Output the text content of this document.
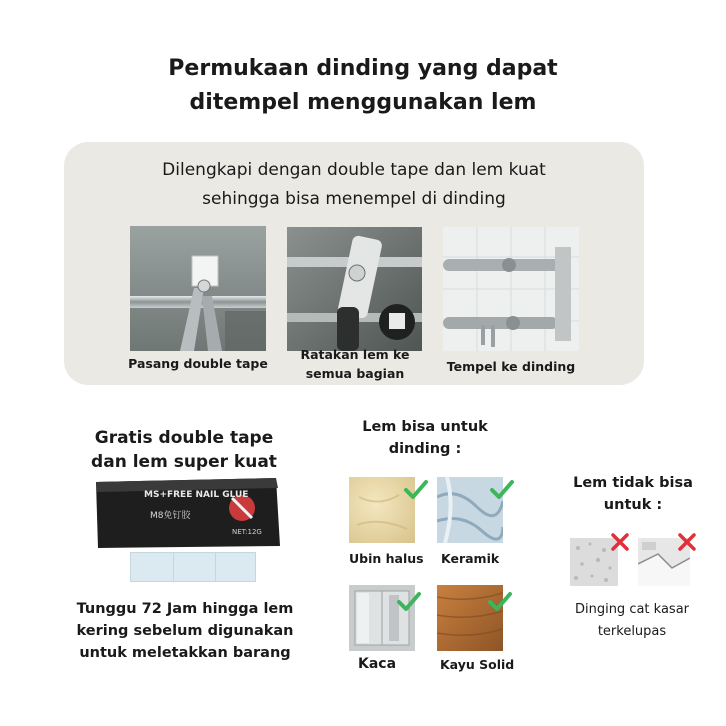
Permukaan dinding yang dapat
ditempel menggunakan lem
Dilengkapi dengan double tape dan lem kuat
sehingga bisa menempel di dinding
Pasang double tape
Ratakan lem ke
semua bagian	Tempel ke dinding
Gratis double tape
dan lem super kuat
MS+FREE NAIL GLUE
M8免钉胶
NET:12G
Tunggu 72 Jam hingga lem
kering sebelum digunakan
untuk meletakkan barang
Lem bisa untuk
dinding :
Ubin halus Keramik
Kaca	Kayu Solid
Lem tidak bisa
untuk :
Dinging cat kasar
terkelupas
